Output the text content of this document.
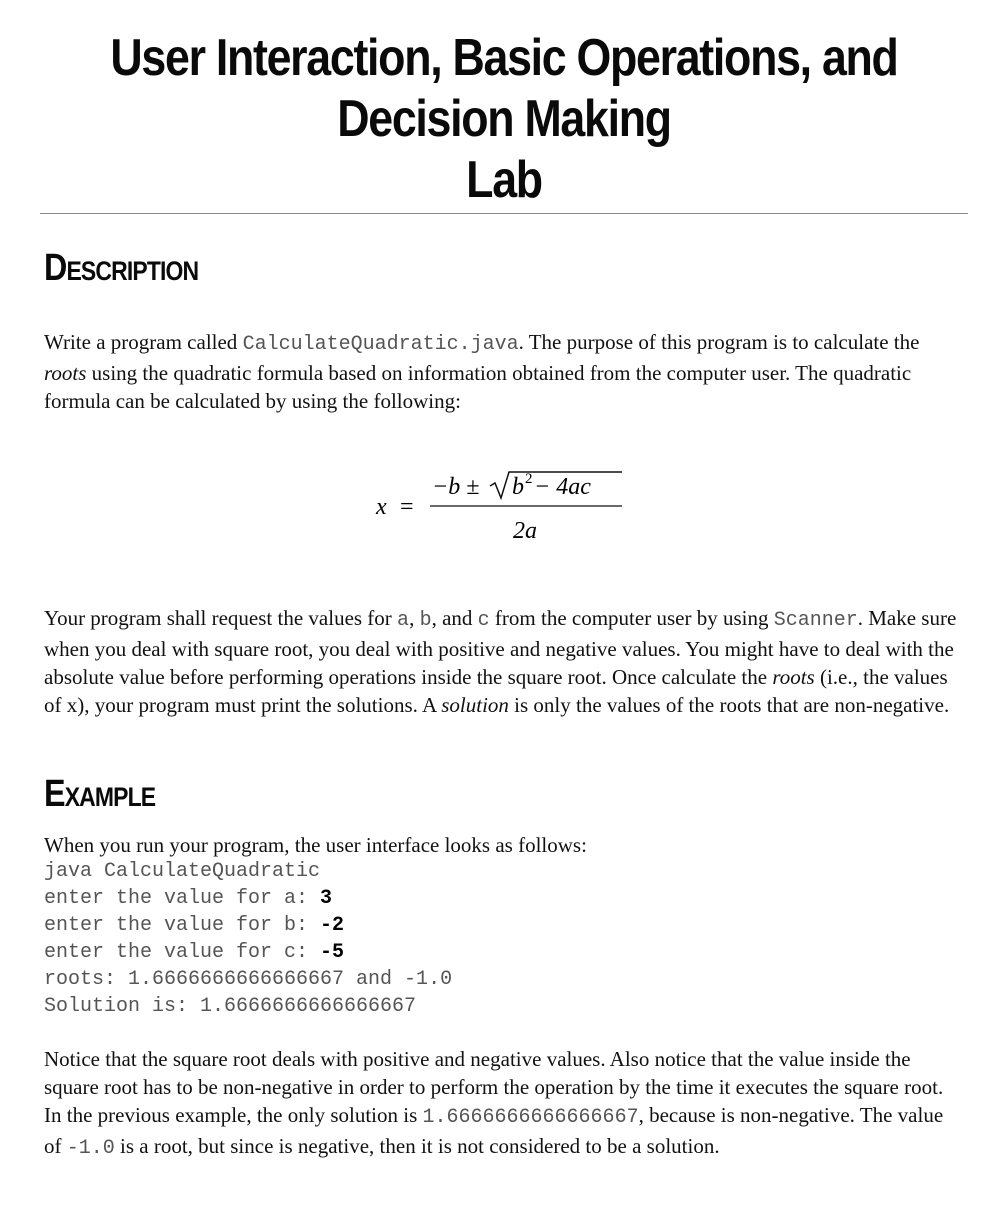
User Interaction, Basic Operations, and
Decision Making
Lab
Description

Write a program called CalculateQuadratic.java. The purpose of this program is to calculate the roots using the quadratic formula based on information obtained from the computer user. The quadratic formula can be calculated by using the following:

x =
−b ± b 2 − 4ac
2a

Your program shall request the values for a, b, and c from the computer user by using Scanner. Make sure when you deal with square root, you deal with positive and negative values. You might have to deal with the absolute value before performing operations inside the square root. Once calculate the roots (i.e., the values of x), your program must print the solutions. A solution is only the values of the roots that are non-negative.

Example

When you run your program, the user interface looks as follows:

java CalculateQuadratic
enter the value for a: 3
enter the value for b: -2
enter the value for c: -5
roots: 1.6666666666666667 and -1.0
Solution is: 1.6666666666666667

Notice that the square root deals with positive and negative values. Also notice that the value inside the square root has to be non-negative in order to perform the operation by the time it executes the square root. In the previous example, the only solution is 1.6666666666666667, because is non-negative. The value of -1.0 is a root, but since is negative, then it is not considered to be a solution.
